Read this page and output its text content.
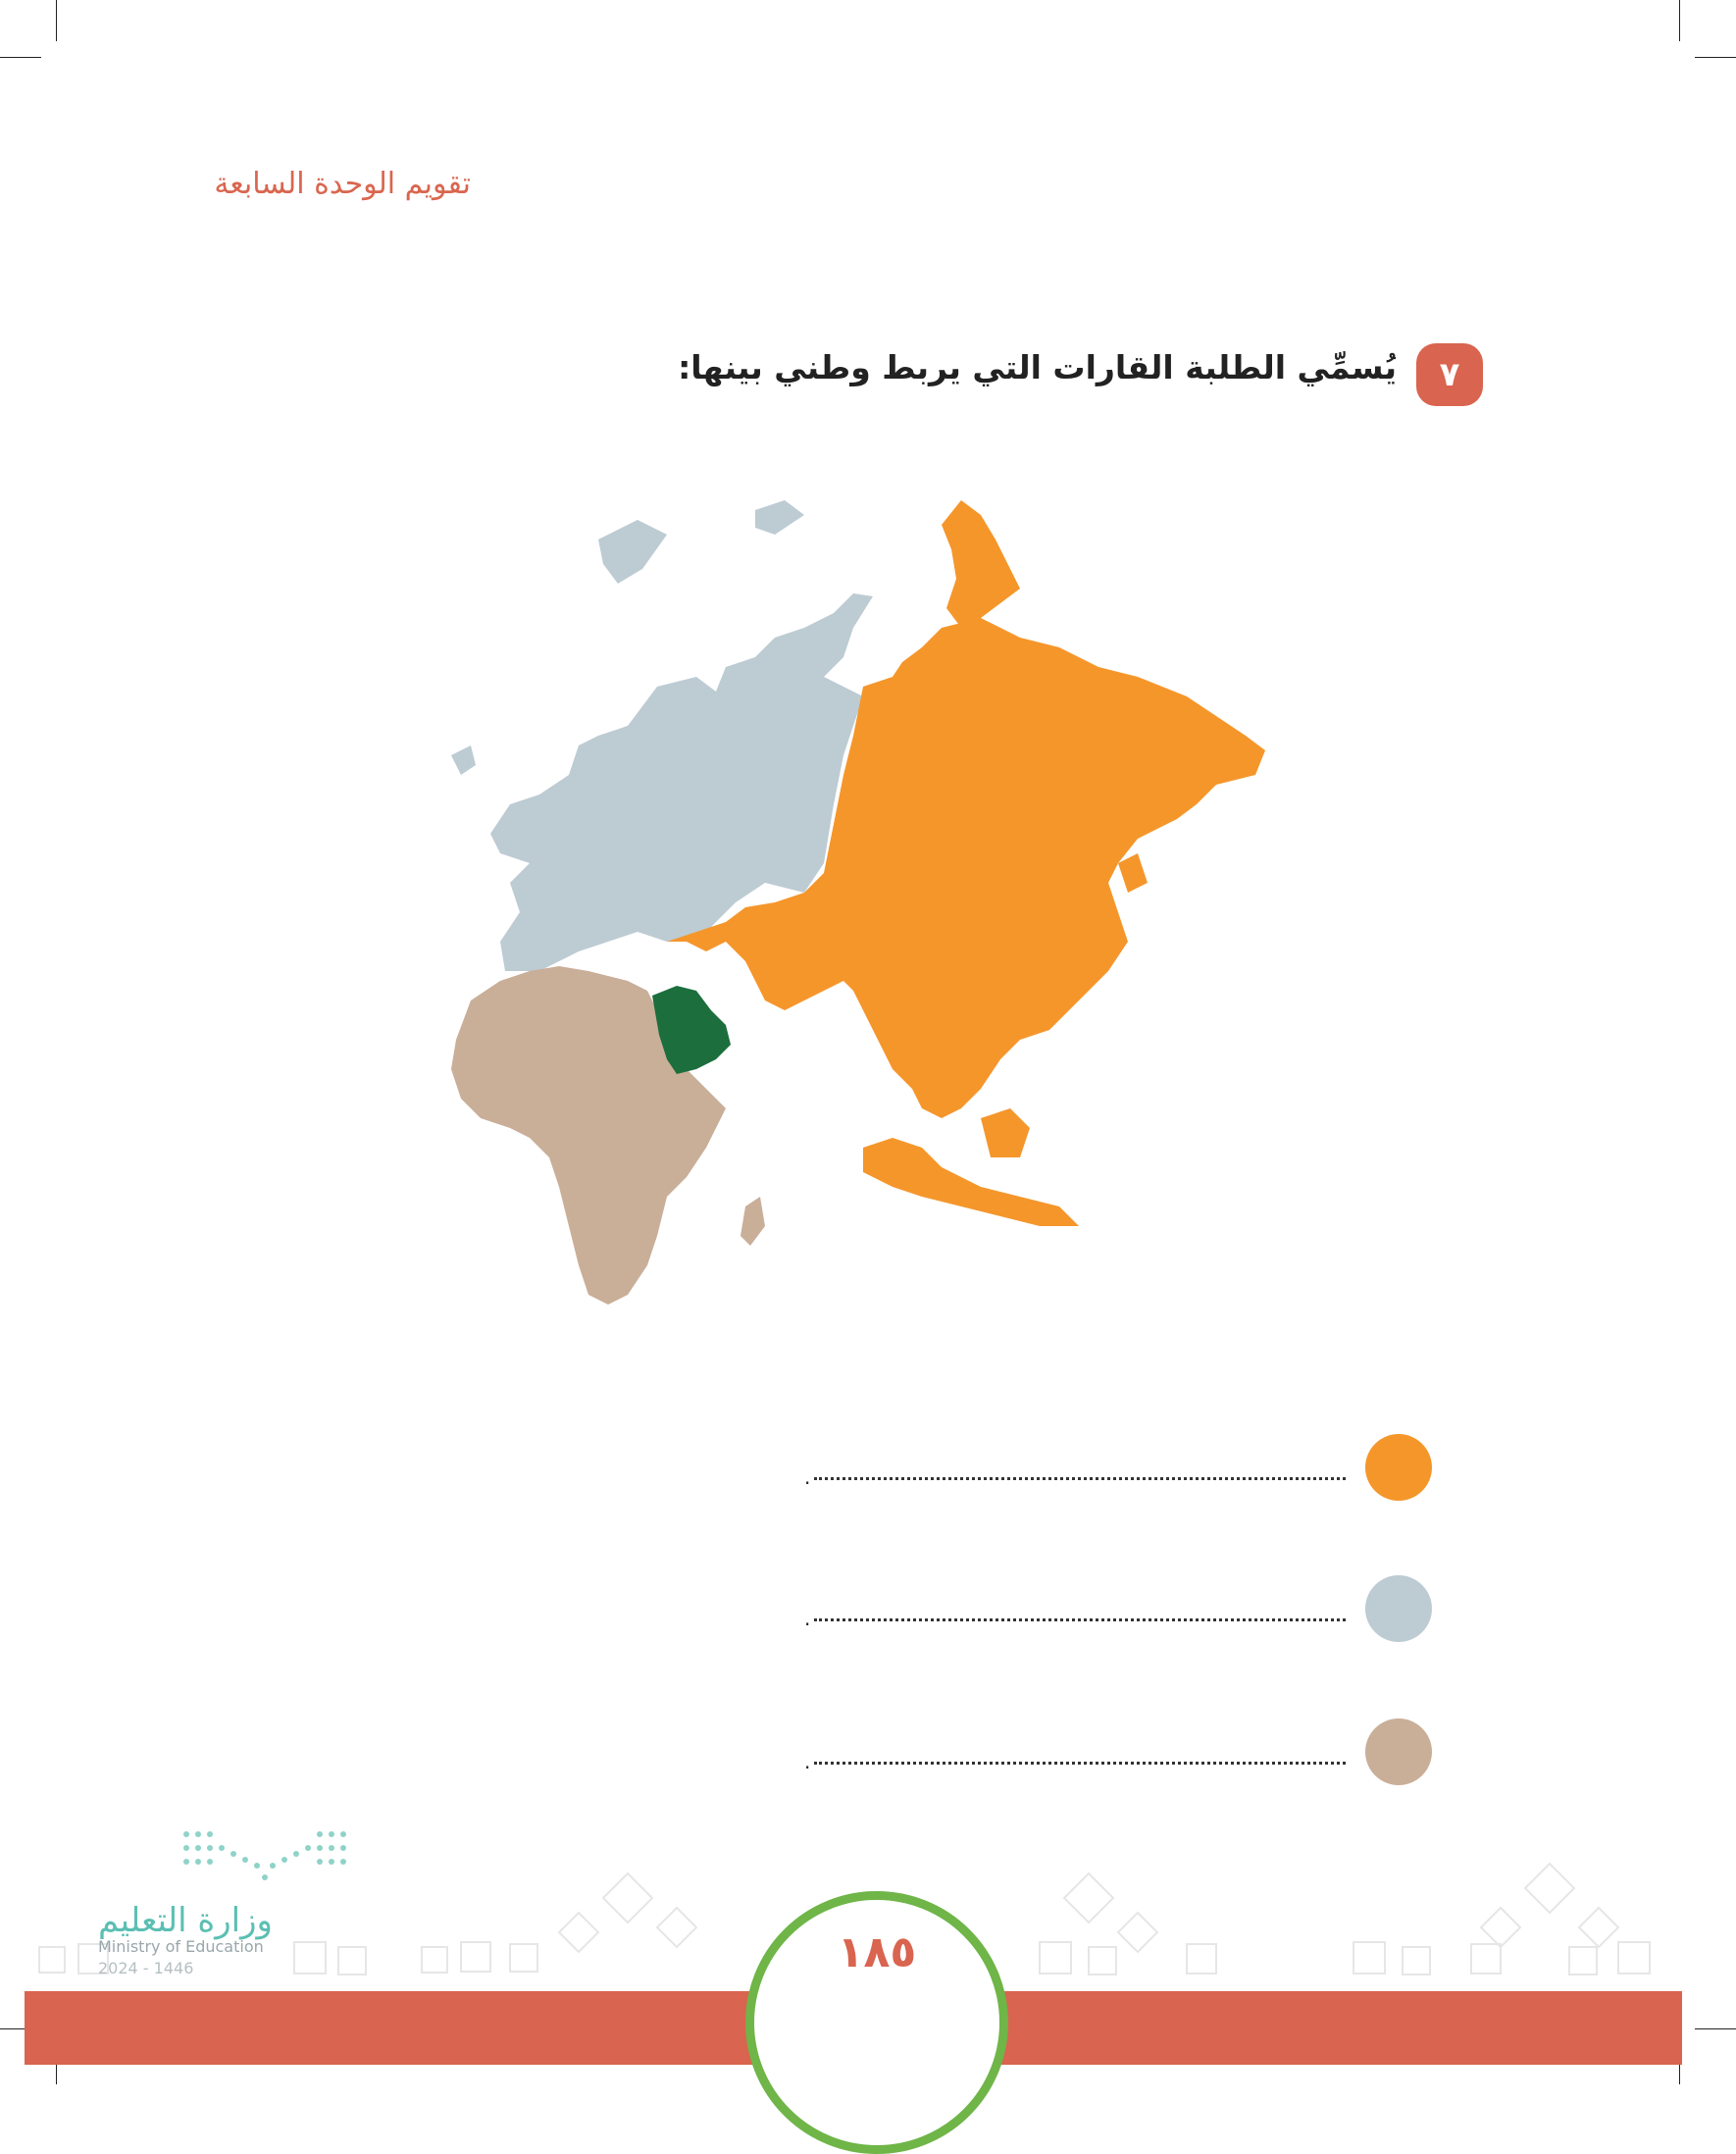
تقويم الوحدة السابعة
٧
يُسمِّي الطلبة القارات التي يربط وطني بينها:
.
.
.
وزارة التعليم
Ministry of Education
2024 - 1446	١٨٥
